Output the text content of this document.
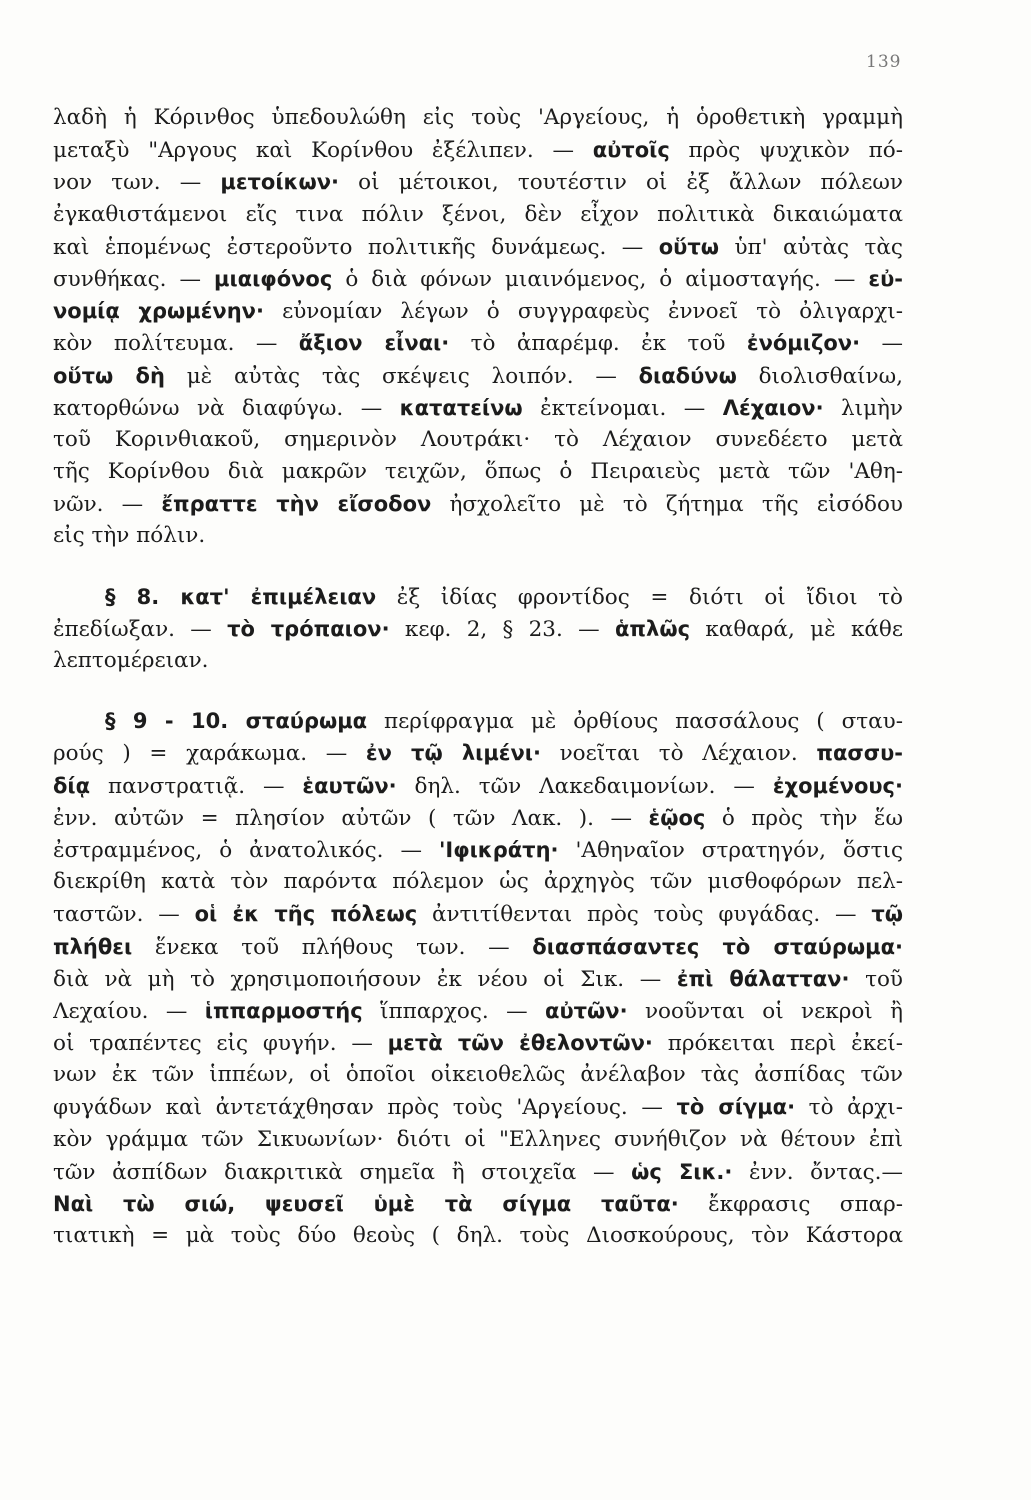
139
λαδὴ ἡ Κόρινθος ὑπεδουλώθη εἰς τοὺς 'Αργείους, ἡ ὁροθετικὴ γραμμὴ
μεταξὺ "Αργους καὶ Κορίνθου ἐξέλιπεν. — αὐτοῖς πρὸς ψυχικὸν πό-
νον των. — μετοίκων· οἱ μέτοικοι, τουτέστιν οἱ ἐξ ἄλλων πόλεων
ἐγκαθιστάμενοι εἴς τινα πόλιν ξένοι, δὲν εἶχον πολιτικὰ δικαιώματα
καὶ ἑπομένως ἐστεροῦντο πολιτικῆς δυνάμεως. — οὕτω ὑπ' αὐτὰς τὰς
συνθήκας. — μιαιφόνος ὁ διὰ φόνων μιαινόμενος, ὁ αἱμοσταγής. — εὐ-
νομίᾳ χρωμένην· εὐνομίαν λέγων ὁ συγγραφεὺς ἐννοεῖ τὸ ὀλιγαρχι-
κὸν πολίτευμα. — ἄξιον εἶναι· τὸ ἀπαρέμφ. ἐκ τοῦ ἐνόμιζον· —
οὕτω δὴ μὲ αὐτὰς τὰς σκέψεις λοιπόν. — διαδύνω διολισθαίνω,
κατορθώνω νὰ διαφύγω. — κατατείνω ἐκτείνομαι. — Λέχαιον· λιμὴν
τοῦ Κορινθιακοῦ, σημερινὸν Λουτράκι· τὸ Λέχαιον συνεδέετο μετὰ
τῆς Κορίνθου διὰ μακρῶν τειχῶν, ὅπως ὁ Πειραιεὺς μετὰ τῶν 'Αθη-
νῶν. — ἔπραττε τὴν εἴσοδον ἠσχολεῖτο μὲ τὸ ζήτημα τῆς εἰσόδου
εἰς τὴν πόλιν.
§ 8. κατ' ἐπιμέλειαν ἐξ ἰδίας φροντίδος = διότι οἱ ἴδιοι τὸ
ἐπεδίωξαν. — τὸ τρόπαιον· κεφ. 2, § 23. — ἁπλῶς καθαρά, μὲ κάθε
λεπτομέρειαν.
§ 9 - 10. σταύρωμα περίφραγμα μὲ ὀρθίους πασσάλους ( σταυ-
ρούς ) = χαράκωμα. — ἐν τῷ λιμένι· νοεῖται τὸ Λέχαιον. πασσυ-
δίᾳ πανστρατιᾷ. — ἑαυτῶν· δηλ. τῶν Λακεδαιμονίων. — ἐχομένους·
ἐνν. αὐτῶν = πλησίον αὐτῶν ( τῶν Λακ. ). — ἑῷος ὁ πρὸς τὴν ἕω
ἐστραμμένος, ὁ ἀνατολικός. — 'Ιφικράτη· 'Αθηναῖον στρατηγόν, ὅστις
διεκρίθη κατὰ τὸν παρόντα πόλεμον ὡς ἀρχηγὸς τῶν μισθοφόρων πελ-
ταστῶν. — οἱ ἐκ τῆς πόλεως ἀντιτίθενται πρὸς τοὺς φυγάδας. — τῷ
πλήθει ἕνεκα τοῦ πλήθους των. — διασπάσαντες τὸ σταύρωμα·
διὰ νὰ μὴ τὸ χρησιμοποιήσουν ἐκ νέου οἱ Σικ. — ἐπὶ θάλατταν· τοῦ
Λεχαίου. — ἱππαρμοστής ἵππαρχος. — αὐτῶν· νοοῦνται οἱ νεκροὶ ἢ
οἱ τραπέντες εἰς φυγήν. — μετὰ τῶν ἐθελοντῶν· πρόκειται περὶ ἐκεί-
νων ἐκ τῶν ἱππέων, οἱ ὁποῖοι οἰκειοθελῶς ἀνέλαβον τὰς ἀσπίδας τῶν
φυγάδων καὶ ἀντετάχθησαν πρὸς τοὺς 'Αργείους. — τὸ σίγμα· τὸ ἀρχι-
κὸν γράμμα τῶν Σικυωνίων· διότι οἱ "Ελληνες συνήθιζον νὰ θέτουν ἐπὶ
τῶν ἀσπίδων διακριτικὰ σημεῖα ἢ στοιχεῖα — ὡς Σικ.· ἐνν. ὄντας.—
Ναὶ τὼ σιώ, ψευσεῖ ὑμὲ τὰ σίγμα ταῦτα· ἔκφρασις σπαρ-
τιατικὴ = μὰ τοὺς δύο θεοὺς ( δηλ. τοὺς Διοσκούρους, τὸν Κάστορα
